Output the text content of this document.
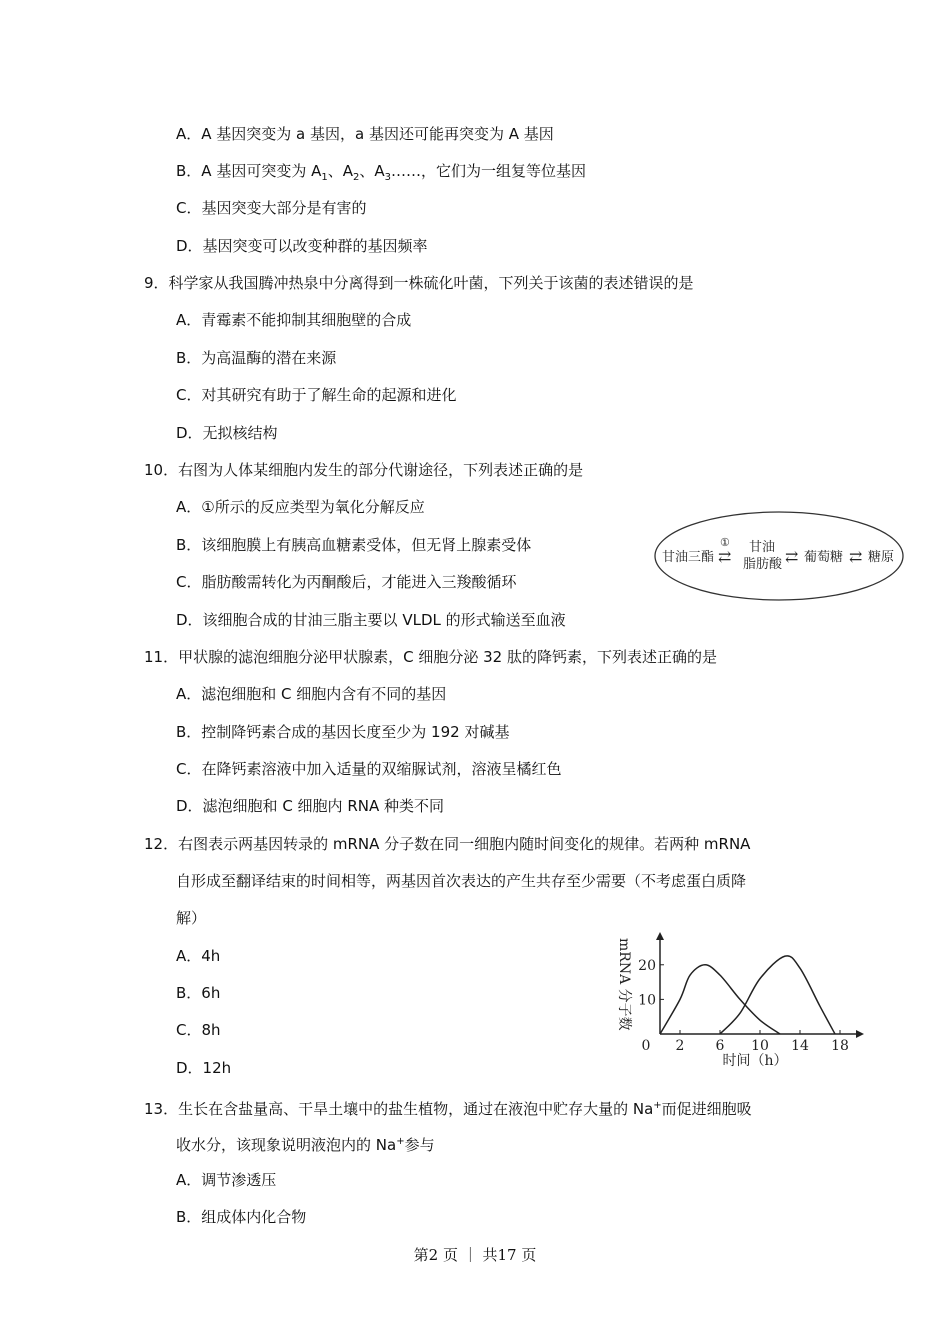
A．A 基因突变为 a 基因，a 基因还可能再突变为 A 基因
B．A 基因可突变为 $A_1$、$A_2$、$A_3\dots\dots$，它们为一组复等位基因
C．基因突变大部分是有害的
D．基因突变可以改变种群的基因频率
9．科学家从我国腾冲热泉中分离得到一株硫化叶菌，下列关于该菌的表述错误的是
A．青霉素不能抑制其细胞壁的合成
B．为高温酶的潜在来源
C．对其研究有助于了解生命的起源和进化
D．无拟核结构
10．右图为人体某细胞内发生的部分代谢途径，下列表述正确的是
A．①所示的反应类型为氧化分解反应
B．该细胞膜上有胰高血糖素受体，但无肾上腺素受体
C．脂肪酸需转化为丙酮酸后，才能进入三羧酸循环
D．该细胞合成的甘油三脂主要以 VLDL 的形式输送至血液
甘油三酯
①
⇄ 甘油
脂肪酸 ⇄ 葡萄糖 ⇄ 糖原
11．甲状腺的滤泡细胞分泌甲状腺素，C 细胞分泌 32 肽的降钙素，下列表述正确的是
A．滤泡细胞和 C 细胞内含有不同的基因
B．控制降钙素合成的基因长度至少为 192 对碱基
C．在降钙素溶液中加入适量的双缩脲试剂，溶液呈橘红色
D．滤泡细胞和 C 细胞内 RNA 种类不同
12．右图表示两基因转录的 mRNA 分子数在同一细胞内随时间变化的规律。若两种 mRNA
自形成至翻译结束的时间相等，两基因首次表达的产生共存至少需要（不考虑蛋白质降
解）
A．4h
B．6h
C．8h
D．12h
mRNA 分子数
0 2 6 10 14 18
10
20
时间（h）
13．生长在含盐量高、干旱土壤中的盐生植物，通过在液泡中贮存大量的 Na+而促进细胞吸
收水分，该现象说明液泡内的 Na+参与
A．调节渗透压
B．组成体内化合物
第2 页 ｜ 共17 页
